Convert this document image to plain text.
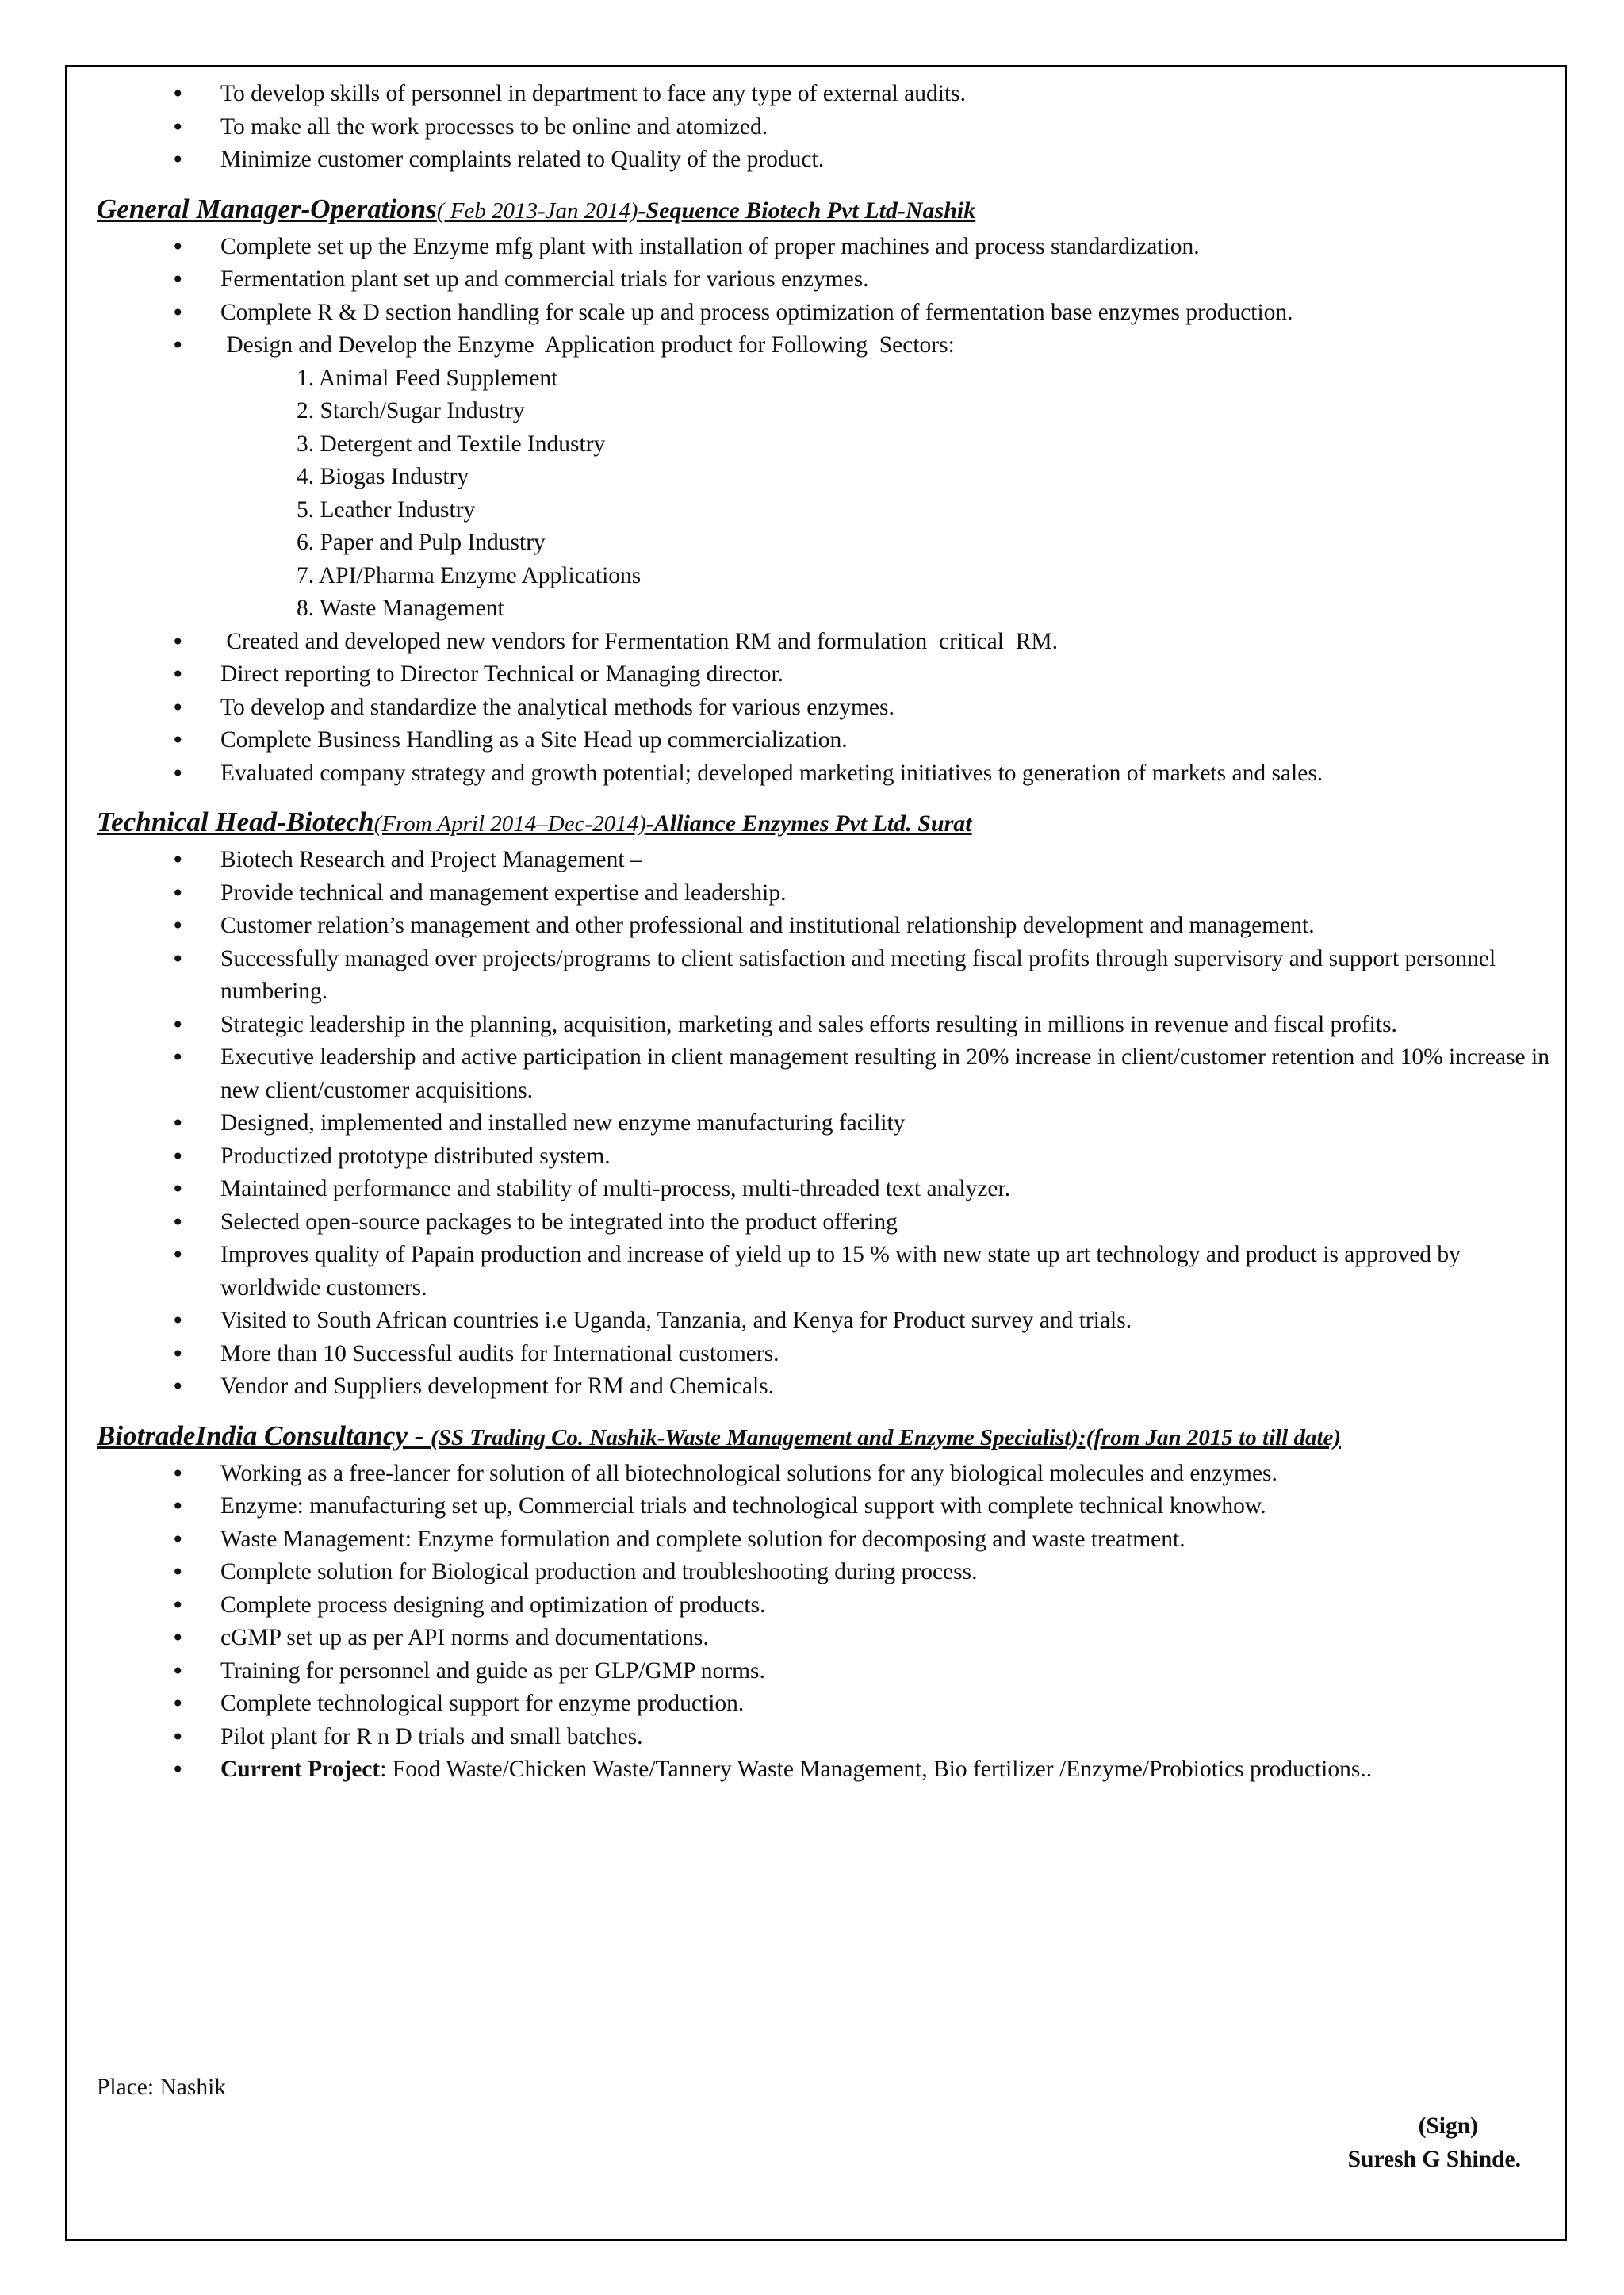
• To develop skills of personnel in department to face any type of external audits.
• To make all the work processes to be online and atomized.
• Minimize customer complaints related to Quality of the product.
General Manager-Operations( Feb 2013-Jan 2014)-Sequence Biotech Pvt Ltd-Nashik
• Complete set up the Enzyme mfg plant with installation of proper machines and process standardization.
• Fermentation plant set up and commercial trials for various enzymes.
• Complete R & D section handling for scale up and process optimization of fermentation base enzymes production.
•  Design and Develop the Enzyme  Application product for Following  Sectors:
1. Animal Feed Supplement
2. Starch/Sugar Industry
3. Detergent and Textile Industry
4. Biogas Industry
5. Leather Industry
6. Paper and Pulp Industry
7. API/Pharma Enzyme Applications
8. Waste Management
•  Created and developed new vendors for Fermentation RM and formulation  critical  RM.
• Direct reporting to Director Technical or Managing director.
• To develop and standardize the analytical methods for various enzymes.
• Complete Business Handling as a Site Head up commercialization.
• Evaluated company strategy and growth potential; developed marketing initiatives to generation of markets and sales.
Technical Head-Biotech(From April 2014–Dec-2014)-Alliance Enzymes Pvt Ltd. Surat
• Biotech Research and Project Management –
• Provide technical and management expertise and leadership.
• Customer relation’s management and other professional and institutional relationship development and management.
• Successfully managed over projects/programs to client satisfaction and meeting fiscal profits through supervisory and support personnel numbering.
• Strategic leadership in the planning, acquisition, marketing and sales efforts resulting in millions in revenue and fiscal profits.
• Executive leadership and active participation in client management resulting in 20% increase in client/customer retention and 10% increase in new client/customer acquisitions.
• Designed, implemented and installed new enzyme manufacturing facility
• Productized prototype distributed system.
• Maintained performance and stability of multi-process, multi-threaded text analyzer.
• Selected open-source packages to be integrated into the product offering
• Improves quality of Papain production and increase of yield up to 15 % with new state up art technology and product is approved by worldwide customers.
• Visited to South African countries i.e Uganda, Tanzania, and Kenya for Product survey and trials.
• More than 10 Successful audits for International customers.
• Vendor and Suppliers development for RM and Chemicals.
BiotradeIndia Consultancy - (SS Trading Co. Nashik-Waste Management and Enzyme Specialist):(from Jan 2015 to till date)
• Working as a free-lancer for solution of all biotechnological solutions for any biological molecules and enzymes.
• Enzyme: manufacturing set up, Commercial trials and technological support with complete technical knowhow.
• Waste Management: Enzyme formulation and complete solution for decomposing and waste treatment.
• Complete solution for Biological production and troubleshooting during process.
• Complete process designing and optimization of products.
• cGMP set up as per API norms and documentations.
• Training for personnel and guide as per GLP/GMP norms.
• Complete technological support for enzyme production.
• Pilot plant for R n D trials and small batches.
• Current Project: Food Waste/Chicken Waste/Tannery Waste Management, Bio fertilizer /Enzyme/Probiotics productions..
Place: Nashik
(Sign)
Suresh G Shinde.
